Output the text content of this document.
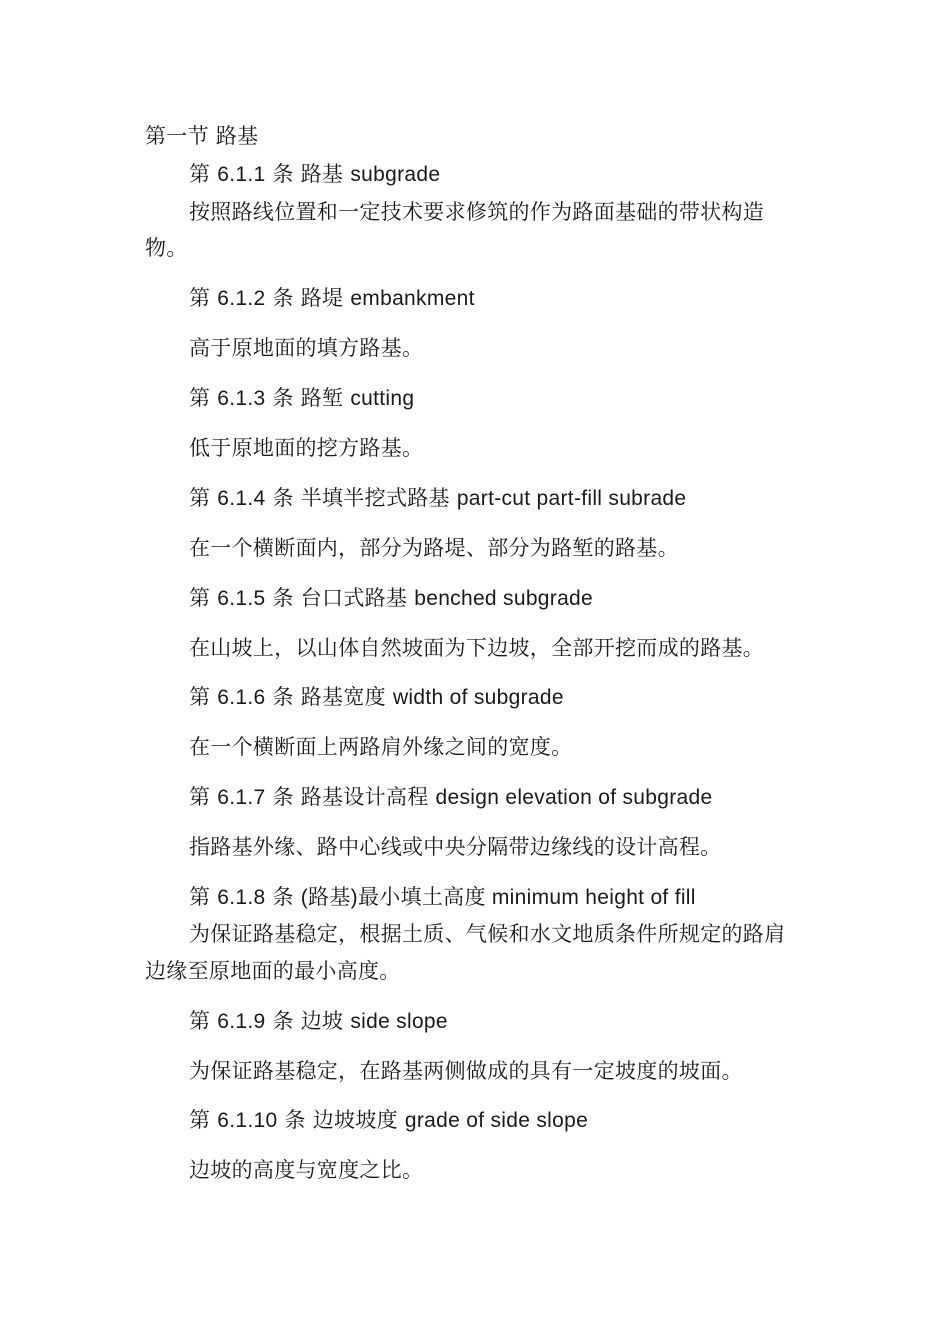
第一节 路基
第 6.1.1 条 路基 subgrade
按照路线位置和一定技术要求修筑的作为路面基础的带状构造
物。
第 6.1.2 条 路堤 embankment
高于原地面的填方路基。
第 6.1.3 条 路堑 cutting
低于原地面的挖方路基。
第 6.1.4 条 半填半挖式路基 part-cut part-fill subrade
在一个横断面内，部分为路堤、部分为路堑的路基。
第 6.1.5 条 台口式路基 benched subgrade
在山坡上，以山体自然坡面为下边坡，全部开挖而成的路基。
第 6.1.6 条 路基宽度 width of subgrade
在一个横断面上两路肩外缘之间的宽度。
第 6.1.7 条 路基设计高程 design elevation of subgrade
指路基外缘、路中心线或中央分隔带边缘线的设计高程。
第 6.1.8 条 (路基)最小填土高度 minimum height of fill
为保证路基稳定，根据土质、气候和水文地质条件所规定的路肩
边缘至原地面的最小高度。
第 6.1.9 条 边坡 side slope
为保证路基稳定，在路基两侧做成的具有一定坡度的坡面。
第 6.1.10 条 边坡坡度 grade of side slope
边坡的高度与宽度之比。
